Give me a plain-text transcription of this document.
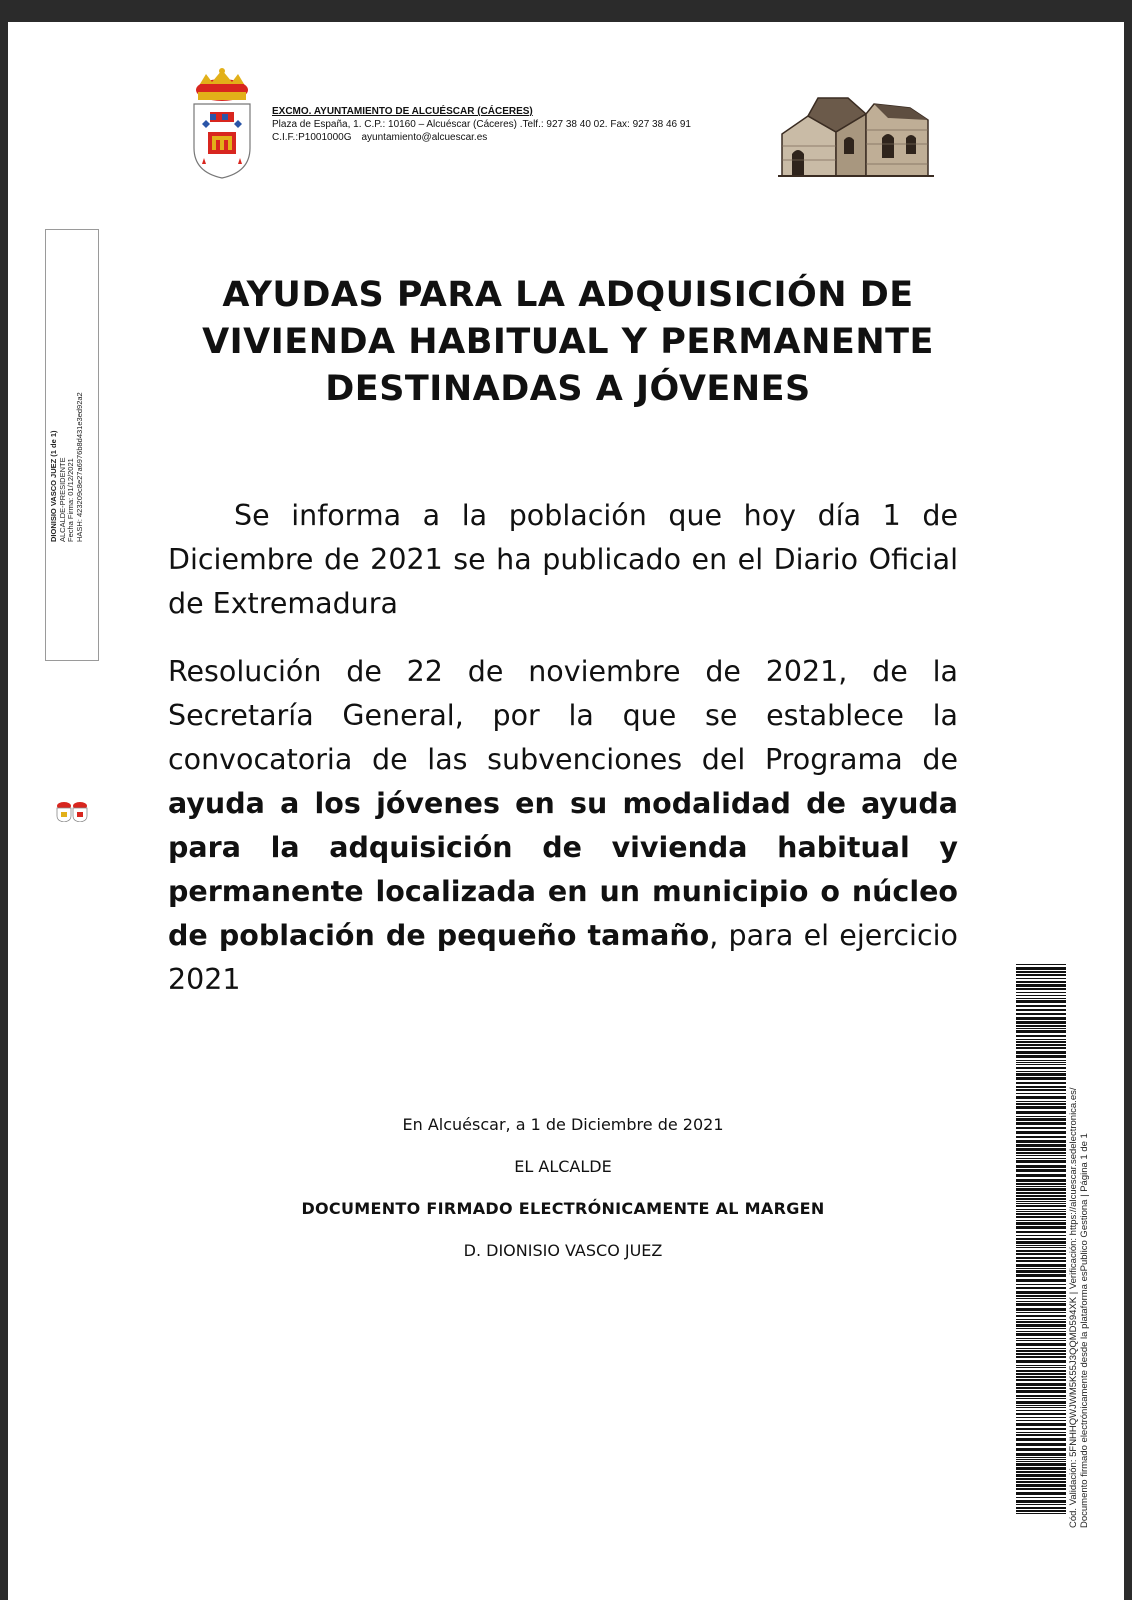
EXCMO. AYUNTAMIENTO DE ALCUÉSCAR (CÁCERES)
Plaza de España, 1. C.P.: 10160 – Alcuéscar (Cáceres) .Telf.: 927 38 40 02. Fax: 927 38 46 91
C.I.F.:P1001000G ayuntamiento@alcuescar.es
DIONISIO VASCO JUEZ (1 de 1) ALCALDE-PRESIDENTE Fecha Firma: 01/12/2021 HASH: 423209c8e27a6976b8d431e3ed92a2
AYUDAS PARA LA ADQUISICIÓN DE
VIVIENDA HABITUAL Y PERMANENTE
DESTINADAS A JÓVENES
Se informa a la población que hoy día 1 de Diciembre de 2021 se ha publicado en el Diario Oficial de Extremadura
Resolución de 22 de noviembre de 2021, de la Secretaría General, por la que se establece la convocatoria de las subvenciones del Programa de ayuda a los jóvenes en su modalidad de ayuda para la adquisición de vivienda habitual y permanente localizada en un municipio o núcleo de población de pequeño tamaño, para el ejercicio 2021
En Alcuéscar, a 1 de Diciembre de 2021
EL ALCALDE
DOCUMENTO FIRMADO ELECTRÓNICAMENTE AL MARGEN
D. DIONISIO VASCO JUEZ	Cód. Validación: 5FNHHQWJWM5K55J3QQMD594XK | Verificación: https://alcuescar.sedelectronica.es/ Documento firmado electrónicamente desde la plataforma esPublico Gestiona | Página 1 de 1
